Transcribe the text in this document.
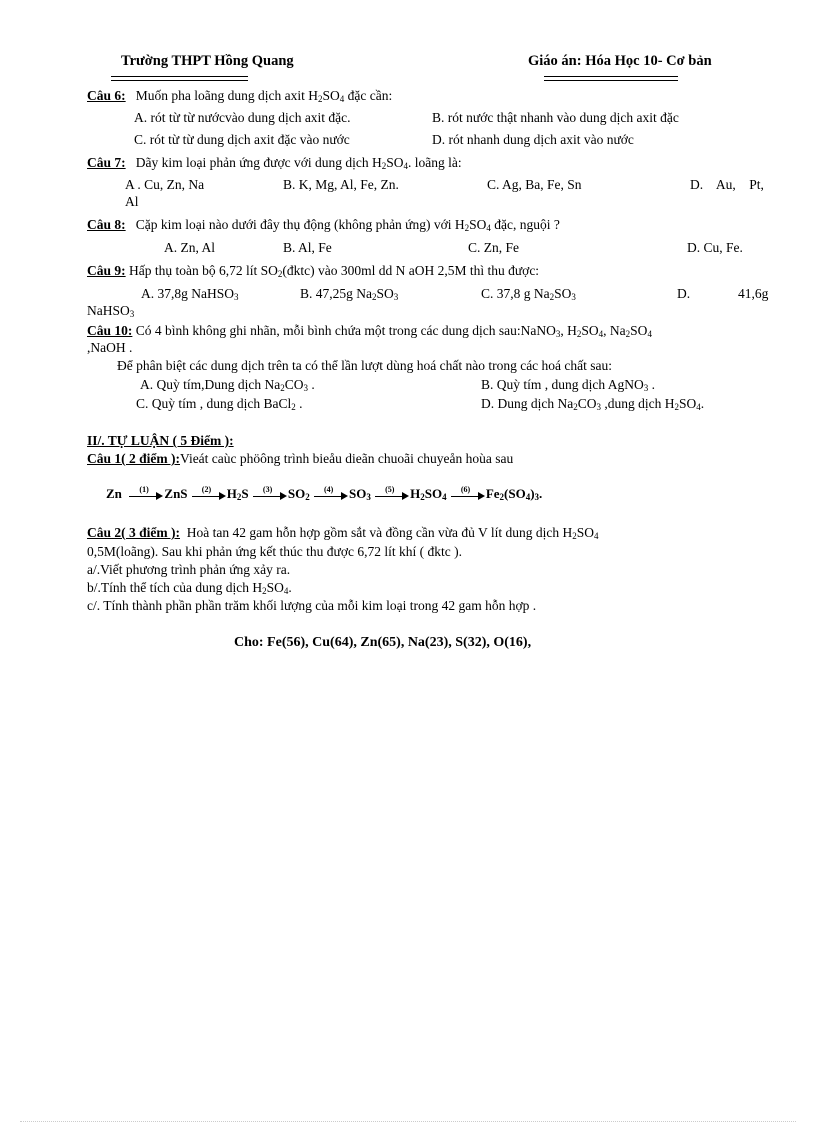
Trường THPT Hồng Quang	Giáo án: Hóa Học 10- Cơ bản
Câu 6: Muốn pha loãng dung dịch axit $H_2SO_4$ đặc cần:
A. rót từ từ nướcvào dung dịch axit đặc.	B. rót nước thật nhanh vào dung dịch axit đặc
C. rót từ từ dung dịch axit đặc vào nước	D. rót nhanh dung dịch axit vào nước
Câu 7: Dãy kim loại phản ứng được với dung dịch $H_2SO_4$. loãng là:
A . Cu, Zn, Na	B. K, Mg, Al, Fe, Zn.	C. Ag, Ba, Fe, Sn	D.    Au,    Pt,
Al
Câu 8: Cặp kim loại nào dưới đây thụ động (không phản ứng) với $H_2SO_4$ đặc, nguội ?
A. Zn, Al	B. Al, Fe	C. Zn, Fe	D. Cu, Fe.
Câu 9: Hấp thụ toàn bộ 6,72 lít $SO_2(đktc)$ vào 300ml dd N aOH 2,5M thì thu được:
A. 37,8g NaHSO$_3$	B. 47,25g $Na_2SO_3$	C. 37,8 g $Na_2SO_3$	D.	41,6g
NaHSO$_3$
Câu 10: Có 4 bình không ghi nhãn, mỗi bình chứa một trong các dung dịch sau:NaNO$_3$, $H_2SO_4$, $Na_2SO_4$
,NaOH .
Để phân biệt các dung dịch trên ta có thể lần lượt dùng hoá chất nào trong các hoá chất sau:
A. Quỳ tím,Dung dịch $Na_2CO_3$ .	B. Quỳ tím , dung dịch AgNO$_3$ .
C. Quỳ tím , dung dịch BaCl$_2$ .	D. Dung dịch $Na_2CO_3$ ,dung dịch $H_2SO_4$.
II/. TỰ LUẬN ( 5 Điểm ):
Câu 1( 2 điểm ):Vieát caùc phöông trình bieåu dieãn chuoãi chuyeån hoùa sau
Zn (1) ZnS (2) $H_2S$ (3) $SO_2$
(4) $SO_3$
(5) $H_2SO_4$
(6) $Fe_2(SO_4)_3$.
Câu 2( 3 điểm ): Hoà tan 42 gam hỗn hợp gồm sắt và đồng cần vừa đủ V lít dung dịch $H_2SO_4$
0,5M(loãng). Sau khi phản ứng kết thúc thu được 6,72 lít khí ( đktc ).
a/.Viết phương trình phản ứng xảy ra.
b/.Tính thể tích của dung dịch $H_2SO_4$.
c/. Tính thành phần phần trăm khối lượng của mỗi kim loại trong 42 gam hỗn hợp .
Cho: Fe(56), Cu(64), Zn(65), Na(23), S(32), O(16),
